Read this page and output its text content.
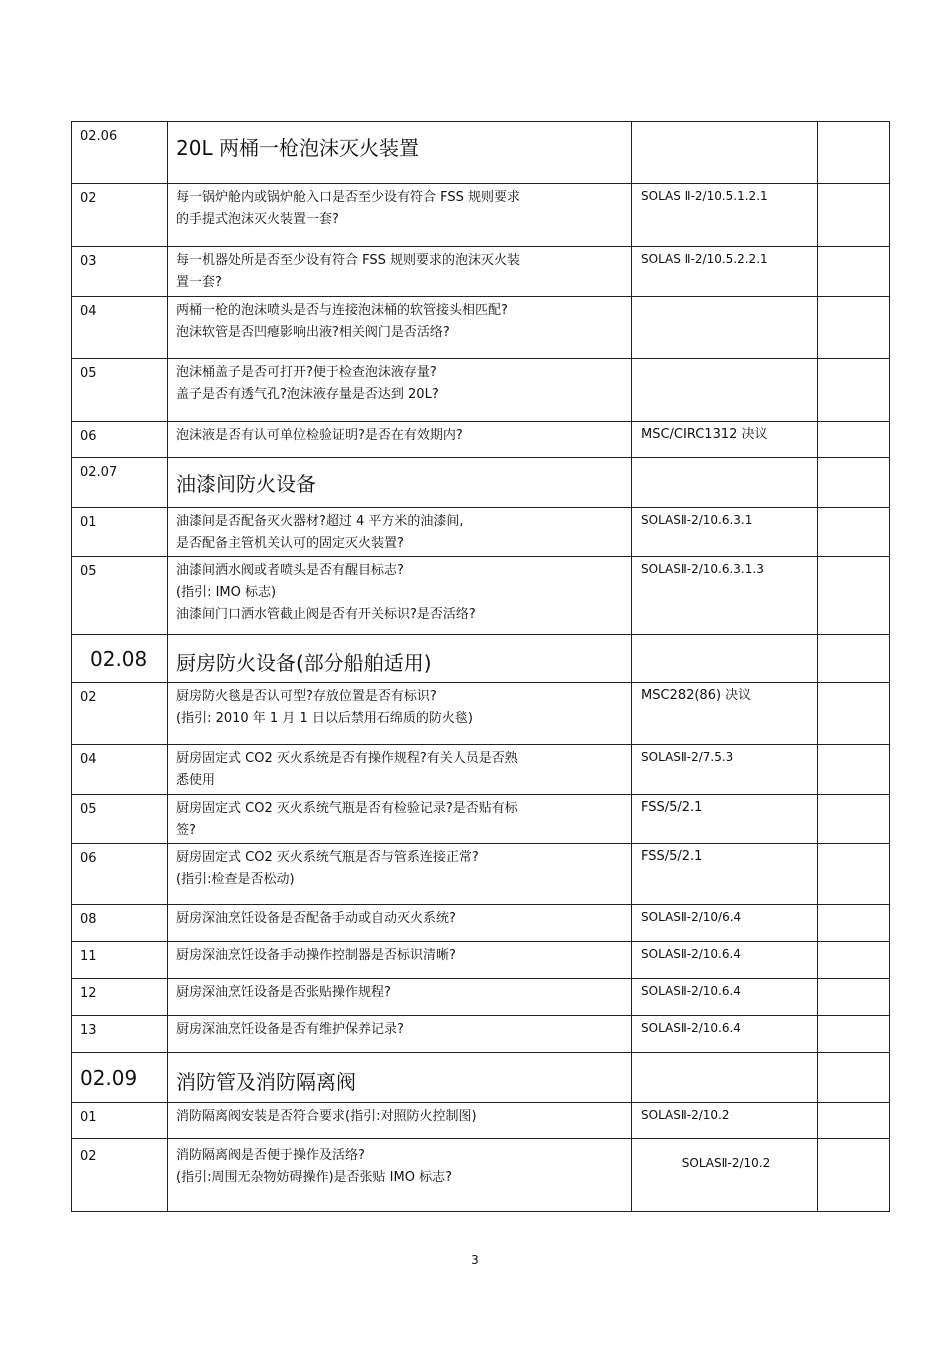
02.06	20L 两桶一枪泡沫灭火装置		
02	每一锅炉舱内或锅炉舱入口是否至少设有符合 FSS 规则要求
的手提式泡沫灭火装置一套?	SOLAS Ⅱ-2/10.5.1.2.1	
03	每一机器处所是否至少设有符合 FSS 规则要求的泡沫灭火装
置一套?	SOLAS Ⅱ-2/10.5.2.2.1	
04	两桶一枪的泡沫喷头是否与连接泡沫桶的软管接头相匹配?
泡沫软管是否凹瘪影响出液?相关阀门是否活络?		

05	泡沫桶盖子是否可打开?便于检查泡沫液存量?
盖子是否有透气孔?泡沫液存量是否达到 20L?		

06	泡沫液是否有认可单位检验证明?是否在有效期内?	MSC/CIRC1312 决议	
02.07	油漆间防火设备		
01	油漆间是否配备灭火器材?超过 4 平方米的油漆间,
是否配备主管机关认可的固定灭火装置?	SOLASⅡ-2/10.6.3.1	
05	油漆间洒水阀或者喷头是否有醒目标志?
(指引: IMO 标志)
油漆间门口洒水管截止阀是否有开关标识?是否活络?	SOLASⅡ-2/10.6.3.1.3	
02.08	厨房防火设备(部分船舶适用)		
02	厨房防火毯是否认可型?存放位置是否有标识?
(指引: 2010 年 1 月 1 日以后禁用石绵质的防火毯)	MSC282(86) 决议	
04	厨房固定式 CO2 灭火系统是否有操作规程?有关人员是否熟
悉使用	SOLASⅡ-2/7.5.3	
05	厨房固定式 CO2 灭火系统气瓶是否有检验记录?是否贴有标
签?	FSS/5/2.1	
06	厨房固定式 CO2 灭火系统气瓶是否与管系连接正常?
(指引:检查是否松动)	FSS/5/2.1	
08	厨房深油烹饪设备是否配备手动或自动灭火系统?	SOLASⅡ-2/10/6.4	
11	厨房深油烹饪设备手动操作控制器是否标识清晰?	SOLASⅡ-2/10.6.4	
12	厨房深油烹饪设备是否张贴操作规程?	SOLASⅡ-2/10.6.4	
13	厨房深油烹饪设备是否有维护保养记录?	SOLASⅡ-2/10.6.4	
02.09	消防管及消防隔离阀		
01	消防隔离阀安装是否符合要求(指引:对照防火控制图)	SOLASⅡ-2/10.2	
02	消防隔离阀是否便于操作及活络?
(指引:周围无杂物妨碍操作)是否张贴 IMO 标志?	SOLASⅡ-2/10.2	
3
